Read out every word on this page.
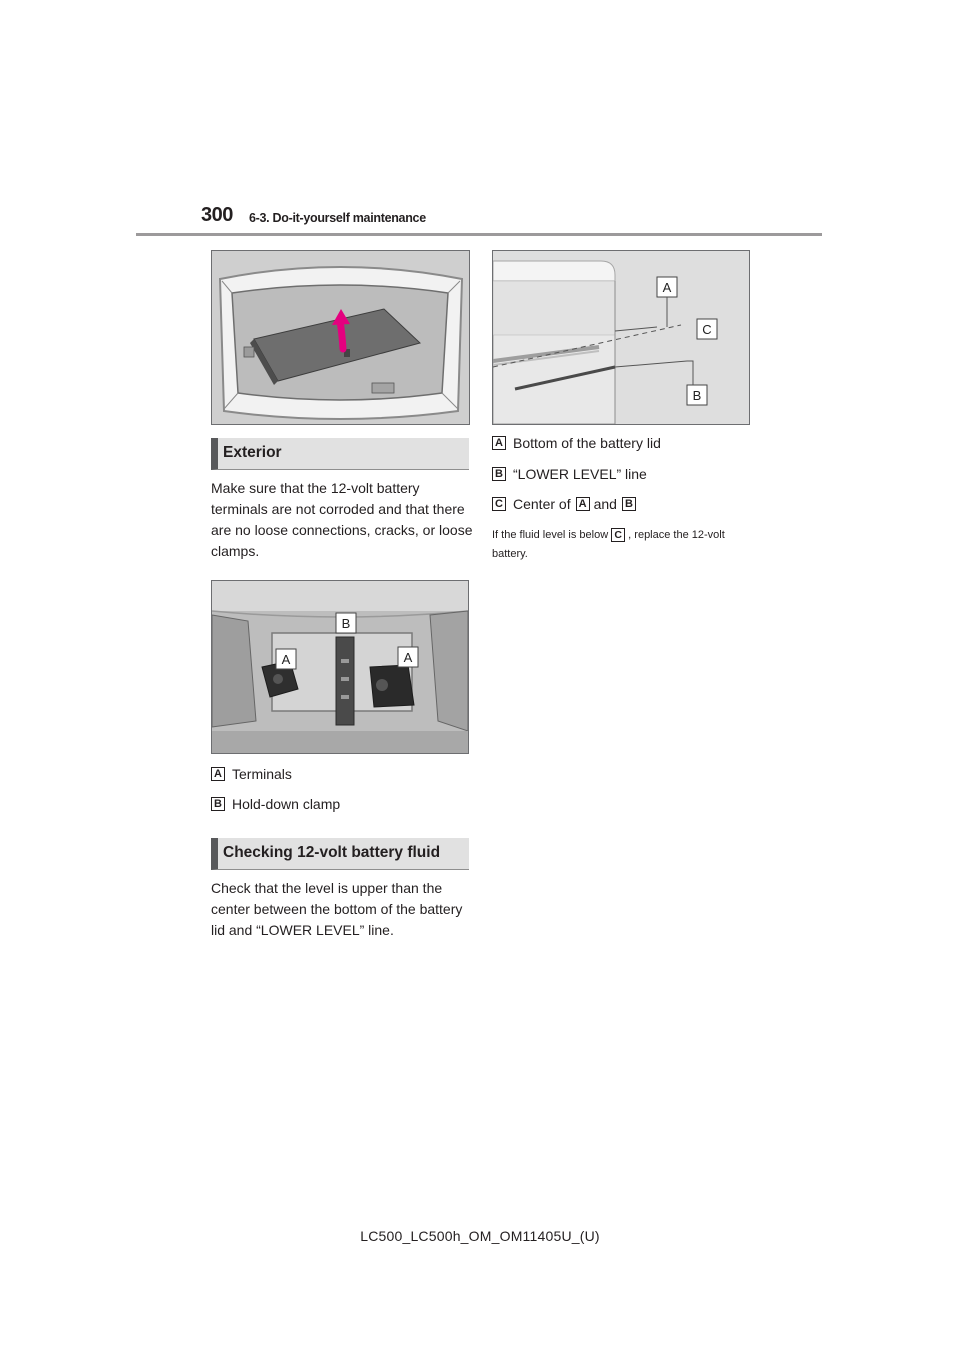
300 6-3. Do-it-yourself maintenance
A
C
B
Exterior
Make sure that the 12-volt battery terminals are not corroded and that there are no loose connections, cracks, or loose clamps.
B
A	A
A Terminals
B Hold-down clamp
Checking 12-volt battery fluid
Check that the level is upper than the center between the bottom of the battery lid and “LOWER LEVEL” line.
A Bottom of the battery lid
B “LOWER LEVEL” line
C Center of A and B
If the fluid level is below C , replace the 12-volt battery.
LC500_LC500h_OM_OM11405U_(U)
